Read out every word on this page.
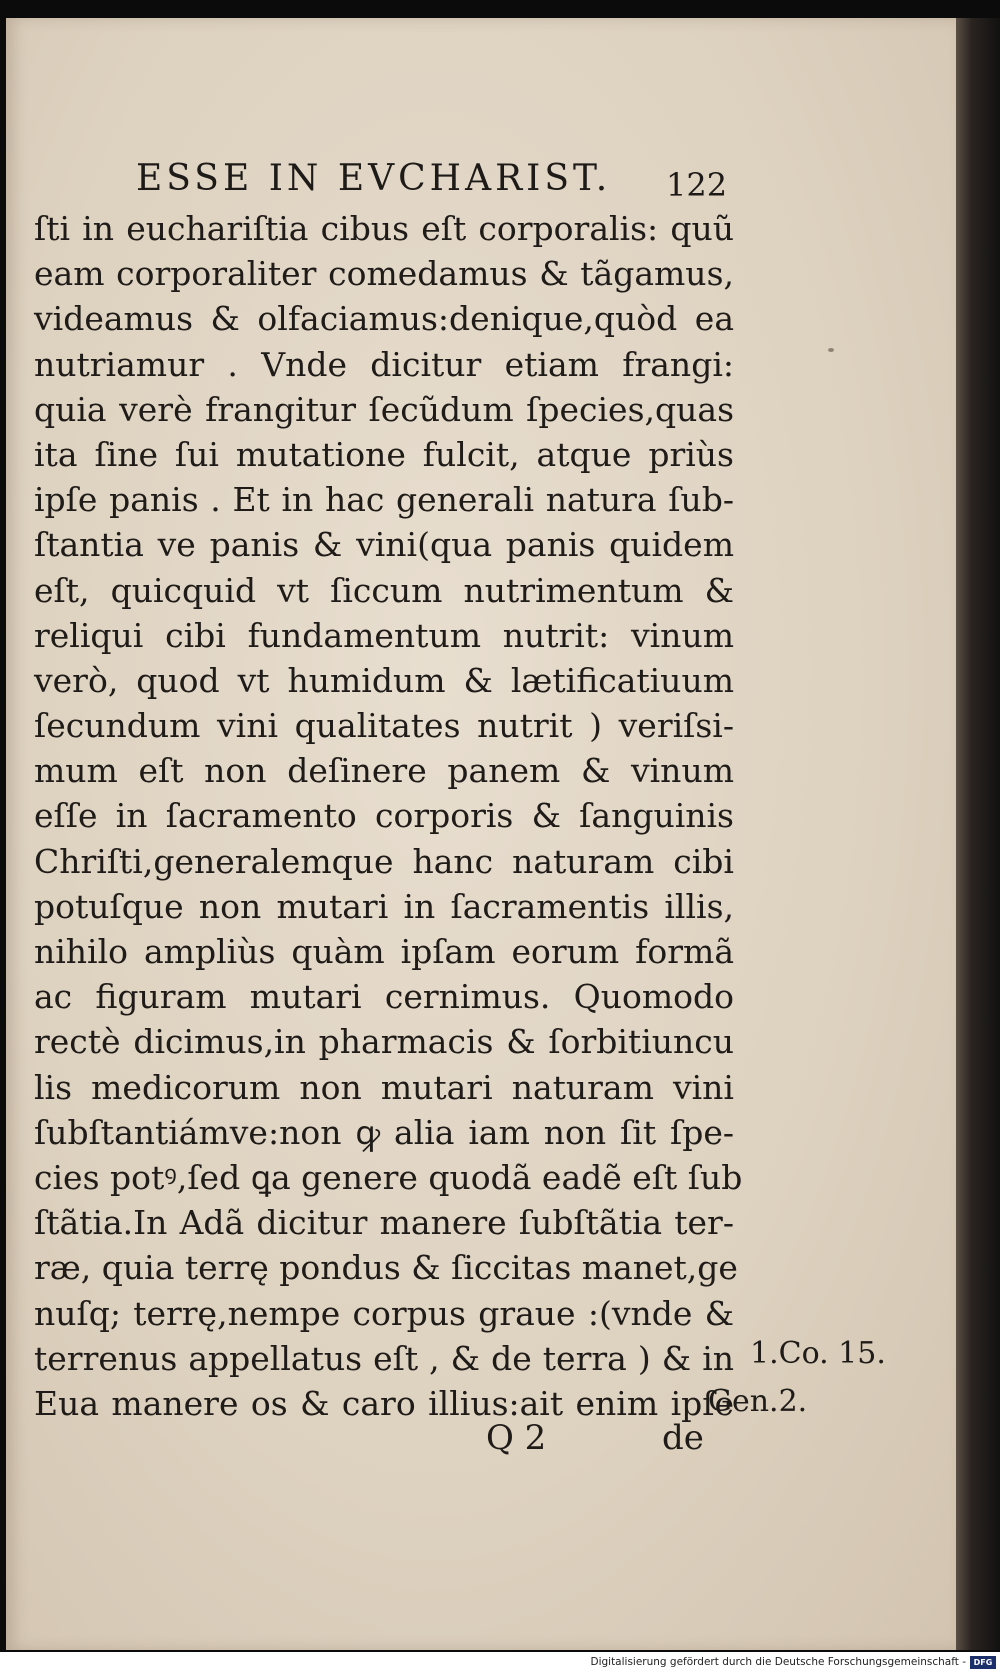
ESSE IN EVCHARIST.	122
ſti in euchariſtia cibus eſt corporalis: quũ
eam corporaliter comedamus & tãgamus,
videamus & olfaciamus:denique,quòd ea
nutriamur . Vnde dicitur etiam frangi:
quia verè frangitur ſecũdum ſpecies,quas
ita ſine ſui mutatione fulcit, atque priùs
ipſe panis . Et in hac generali natura ſub-
ſtantia ve panis & vini(qua panis quidem
eſt, quicquid vt ſiccum nutrimentum &
reliqui cibi fundamentum nutrit: vinum
verò, quod vt humidum & lætificatiuum
ſecundum vini qualitates nutrit ) veriſsi-
mum eſt non deſinere panem & vinum
eſſe in ſacramento corporis & ſanguinis
Chriſti,generalemque hanc naturam cibi
potuſque non mutari in ſacramentis illis,
nihilo ampliùs quàm ipſam eorum formã
ac figuram mutari cernimus. Quomodo
rectè dicimus,in pharmacis & ſorbitiuncu
lis medicorum non mutari naturam vini
ſubſtantiámve:non ꝙ alia iam non ſit ſpe-
cies potꝰ,ſed ꝗa genere quodã eadẽ eſt ſub
ſtãtia.In Adã dicitur manere ſubſtãtia ter-
ræ, quia terrę pondus & ſiccitas manet,ge
nuſq; terrę,nempe corpus graue :(vnde &
terrenus appellatus eſt , & de terra ) & in
Eua manere os & caro illius:ait enim ipſe
1.Co. 15.
Gen.2.
Q 2	de
Digitalisierung gefördert durch die Deutsche Forschungsgemeinschaft - DFG
